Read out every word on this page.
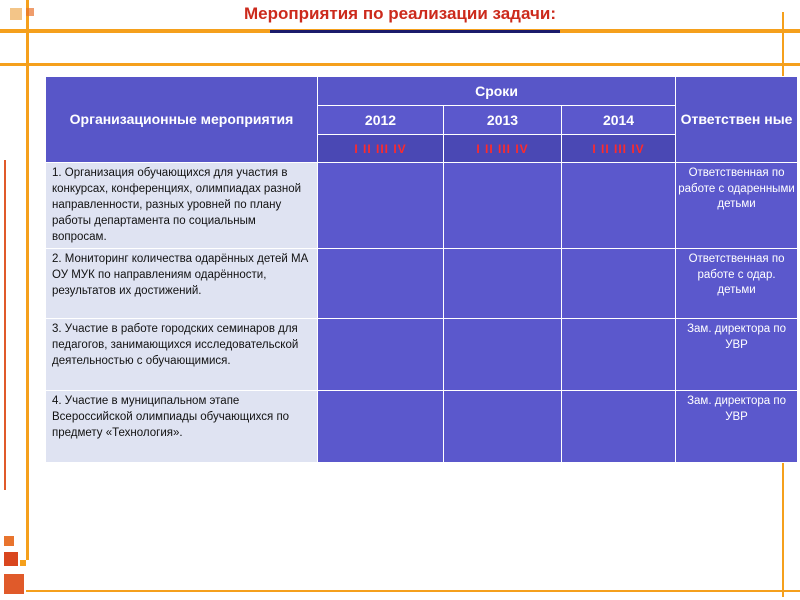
Мероприятия по реализации задачи:
Организационные мероприятия	Сроки			Ответствен ные
	2012	2013	2014	
	I II III IV	I II III IV	I II III IV	
1. Организация обучающихся для участия в конкурсах, конференциях, олимпиадах разной направленности, разных уровней по плану работы департамента по социальным вопросам.				Ответственная по работе с одаренными детьми
2. Мониторинг количества одарённых детей МА ОУ МУК по направлениям одарённости, результатов их достижений.				Ответственная по работе с одар. детьми
3. Участие в работе городских семинаров для педагогов, занимающихся исследовательской деятельностью с обучающимися.				Зам. директора по УВР
4. Участие в муниципальном этапе Всероссийской олимпиады обучающихся по предмету «Технология».				Зам. директора по УВР
